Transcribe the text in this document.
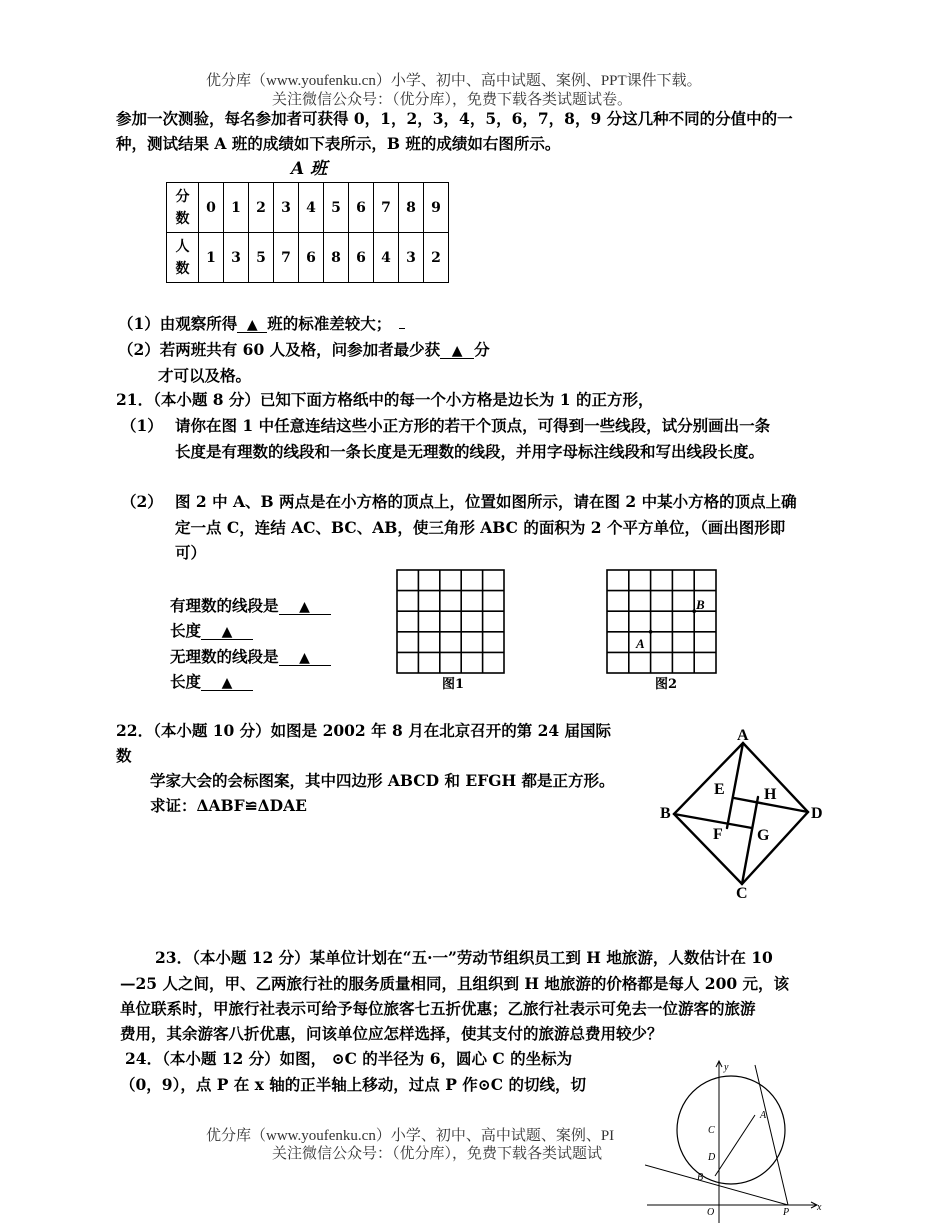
优分库（www.youfenku.cn）小学、初中、高中试题、案例、PPT课件下载。
关注微信公众号：（优分库），免费下载各类试题试卷。
参加一次测验，每名参加者可获得 0，1，2，3，4，5，6，7，8，9 分这几种不同的分值中的一
种，测试结果 A 班的成绩如下表所示，B 班的成绩如右图所示。
A 班
分
数	0	1	2	3	4	5	6	7	8	9
人
数	1	3	5	7	6	8	6	4	3	2
（1）由观察所得 ▲ 班的标准差较大；
（2）若两班共有 60 人及格，问参加者最少获 ▲ 分
才可以及格。
21．（本小题 8 分）已知下面方格纸中的每一个小方格是边长为 1 的正方形，
（1） 请你在图 1 中任意连结这些小正方形的若干个顶点，可得到一些线段，试分别画出一条
长度是有理数的线段和一条长度是无理数的线段，并用字母标注线段和写出线段长度。
（2） 图 2 中 A、B 两点是在小方格的顶点上，位置如图所示，请在图 2 中某小方格的顶点上确
定一点 C，连结 AC、BC、AB，使三角形 ABC 的面积为 2 个平方单位，（画出图形即
可）
有理数的线段是 ▲
长度 ▲
无理数的线段是 ▲
长度 ▲	图1
A
B
图2
22．（本小题 10 分）如图是 2002 年 8 月在北京召开的第 24 届国际
数
学家大会的会标图案，其中四边形 ABCD 和 EFGH 都是正方形。
求证：ΔABF≌ΔDAE
A
B
C
D
E
F G
H
23．（本小题 12 分）某单位计划在“五·一”劳动节组织员工到 H 地旅游，人数估计在 10
—25 人之间，甲、乙两旅行社的服务质量相同，且组织到 H 地旅游的价格都是每人 200 元，该
单位联系时，甲旅行社表示可给予每位旅客七五折优惠；乙旅行社表示可免去一位游客的旅游
费用，其余游客八折优惠，问该单位应怎样选择，使其支付的旅游总费用较少？
24．（本小题 12 分）如图， ⊙C 的半径为 6，圆心 C 的坐标为
（0，9），点 P 在 x 轴的正半轴上移动，过点 P 作⊙C 的切线，切
优分库（www.youfenku.cn）小学、初中、高中试题、案例、PI
关注微信公众号：（优分库），免费下载各类试题试
y
x
O	P
A
C
D
B
